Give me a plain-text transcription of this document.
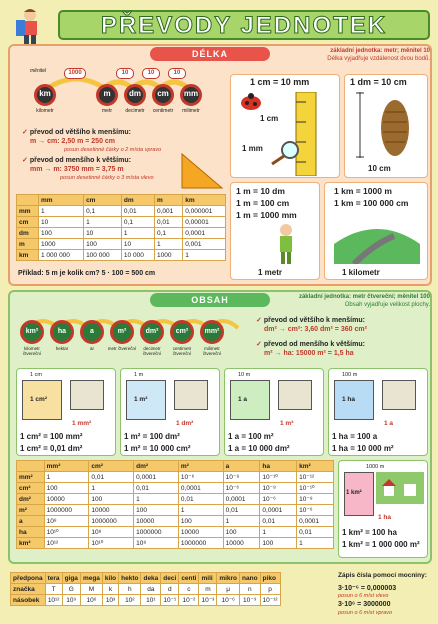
PŘEVODY JEDNOTEK
DÉLKA	základní jednotka: metr; měnitel 10
Délka vyjadřuje vzdálenost dvou bodů.
měnitel	1000	10	10	10
km	m	dm	cm	mm
kilometr	metr	decimetr	centimetr	milimetr
✓ převod od většího k menšímu:
m → cm: 2,50 m = 250 cm
posun desetinné čárky o 2 místa vpravo
✓ převod od menšího k většímu:
mm → m: 3750 mm = 3,75 m
posun desetinné čárky o 3 místa vlevo
	mm	cm	dm	m	km
mm	1	0,1	0,01	0,001	0,000001
cm	10	1	0,1	0,01	0,00001
dm	100	10	1	0,1	0,0001
m	1000	100	10	1	0,001
km	1 000 000	100 000	10 000	1000	1
Příklad: 5 m je kolik cm? 5 · 100 = 500 cm
1 cm = 10 mm
1 cm
1 mm
1 dm = 10 cm
10 cm
1 m = 10 dm
1 m = 100 cm
1 m = 1000 mm
1 metr
1 km = 1000 m
1 km = 100 000 cm
1 kilometr
OBSAH	základní jednotka: metr čtvereční; měnitel 100
Obsah vyjadřuje velikost plochy.
km²
kilometr čtvereční
ha
hektar
a
ar
m²
metr čtvereční
dm²
decimetr čtvereční
cm²
centimetr čtvereční
mm²
milimetr čtvereční
✓ převod od většího k menšímu:
dm² → cm²: 3,60 dm² = 360 cm²
✓ převod od menšího k většímu:
m² → ha: 15000 m² = 1,5 ha
1 cm
1 cm²
1 mm²
1 cm² = 100 mm²
1 cm² = 0,01 dm²
1 m
1 m²
1 dm²
1 m² = 100 dm²
1 m² = 10 000 cm²
10 m
1 a
1 m²
1 a = 100 m²
1 a = 10 000 dm²
100 m
1 ha
1 a
1 ha = 100 a
1 ha = 10 000 m²
	mm²	cm²	dm²	m²	a	ha	km²
mm²	1	0,01	0,0001	10⁻⁶	10⁻⁸	10⁻¹⁰	10⁻¹²
cm²	100	1	0,01	0,0001	10⁻⁶	10⁻⁸	10⁻¹⁰
dm²	10000	100	1	0,01	0,0001	10⁻⁶	10⁻⁸
m²	1000000	10000	100	1	0,01	0,0001	10⁻⁶
a	10⁸	1000000	10000	100	1	0,01	0,0001
ha	10¹⁰	10⁸	1000000	10000	100	1	0,01
km²	10¹²	10¹⁰	10⁸	1000000	10000	100	1
1000 m
1 km²
1 ha
1 km² = 100 ha
1 km² = 1 000 000 m²
předpona	tera	giga	mega	kilo	hekto	deka	deci	centi	mili	mikro	nano	piko
značka	T	G	M	k	h	da	d	c	m	μ	n	p
násobek	10¹²	10⁹	10⁶	10³	10²	10¹	10⁻¹	10⁻²	10⁻³	10⁻⁶	10⁻⁹	10⁻¹²
Zápis čísla pomocí mocniny:
3·10⁻⁶ = 0,000003
posun o 6 míst vlevo
3·10⁶ = 3000000
posun o 6 míst vpravo
